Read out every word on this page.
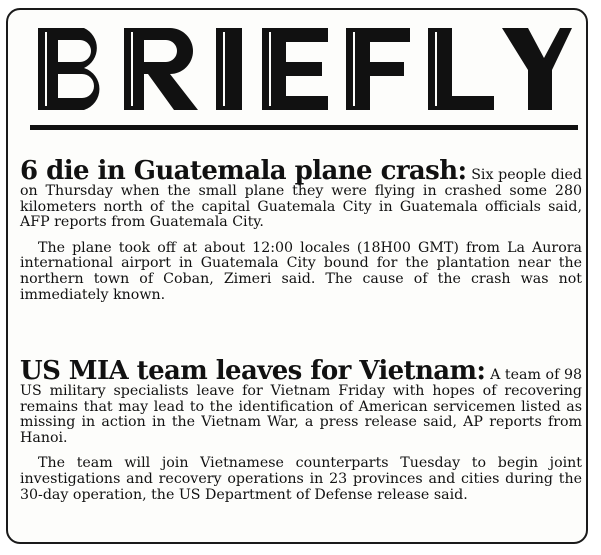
6 die in Guatemala plane crash: Six people died on Thursday when the small plane they were flying in crashed some 280 kilometers north of the capital Guatemala City in Guatemala officials said, AFP reports from Guatemala City.

The plane took off at about 12:00 locales (18H00 GMT) from La Aurora international airport in Guatemala City bound for the plantation near the northern town of Coban, Zimeri said. The cause of the crash was not immediately known.

US MIA team leaves for Vietnam: A team of 98 US military specialists leave for Vietnam Friday with hopes of recovering remains that may lead to the identification of American servicemen listed as missing in action in the Vietnam War, a press release said, AP reports from Hanoi.

The team will join Vietnamese counterparts Tuesday to begin joint investigations and recovery operations in 23 provinces and cities during the 30-day operation, the US Department of Defense release said.
